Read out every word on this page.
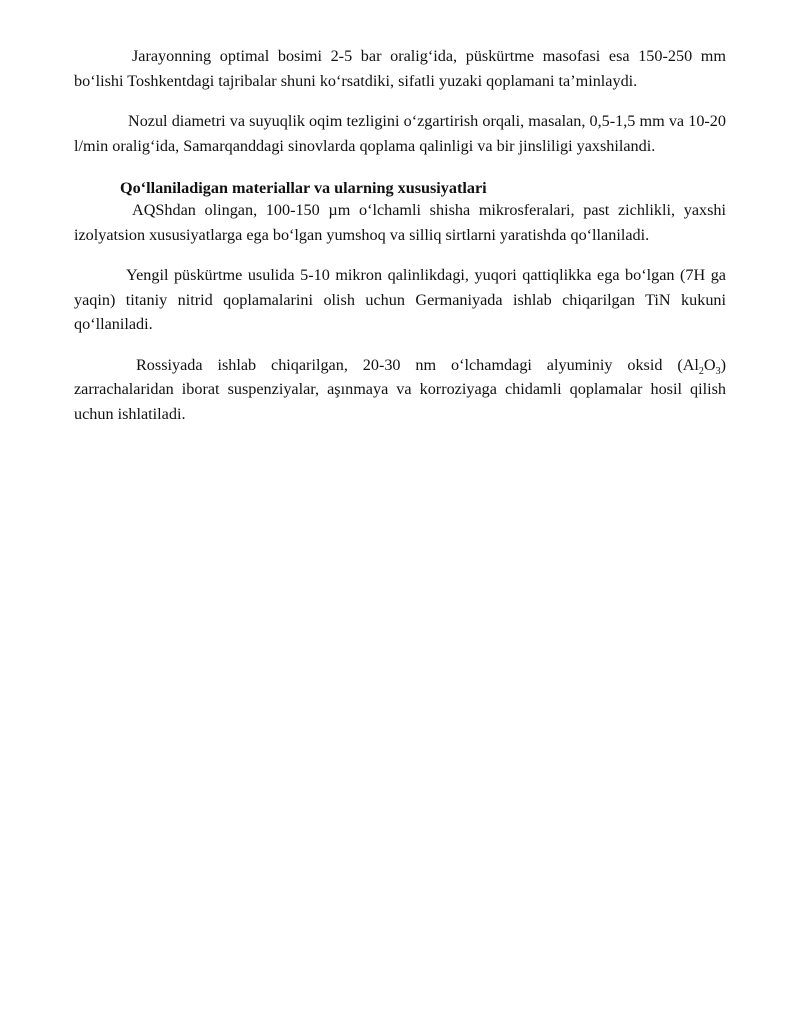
Jarayonning optimal bosimi 2-5 bar oralig‘ida, püskürtme masofasi esa 150-250 mm bo‘lishi Toshkentdagi tajribalar shuni ko‘rsatdiki, sifatli yuzaki qoplamani ta’minlaydi.

Nozul diametri va suyuqlik oqim tezligini o‘zgartirish orqali, masalan, 0,5-1,5 mm va 10-20 l/min oralig‘ida, Samarqanddagi sinovlarda qoplama qalinligi va bir jinsliligi yaxshilandi.

Qo‘llaniladigan materiallar va ularning xususiyatlari

AQShdan olingan, 100-150 µm o‘lchamli shisha mikrosferalari, past zichlikli, yaxshi izolyatsion xususiyatlarga ega bo‘lgan yumshoq va silliq sirtlarni yaratishda qo‘llaniladi.

Yengil püskürtme usulida 5-10 mikron qalinlikdagi, yuqori qattiqlikka ega bo‘lgan (7H ga yaqin) titaniy nitrid qoplamalarini olish uchun Germaniyada ishlab chiqarilgan TiN kukuni qo‘llaniladi.

Rossiyada ishlab chiqarilgan, 20-30 nm o‘lchamdagi alyuminiy oksid $(Al_2O_3)$ zarrachalaridan iborat suspenziyalar, aşınmaya va korroziyaga chidamli qoplamalar hosil qilish uchun ishlatiladi.
